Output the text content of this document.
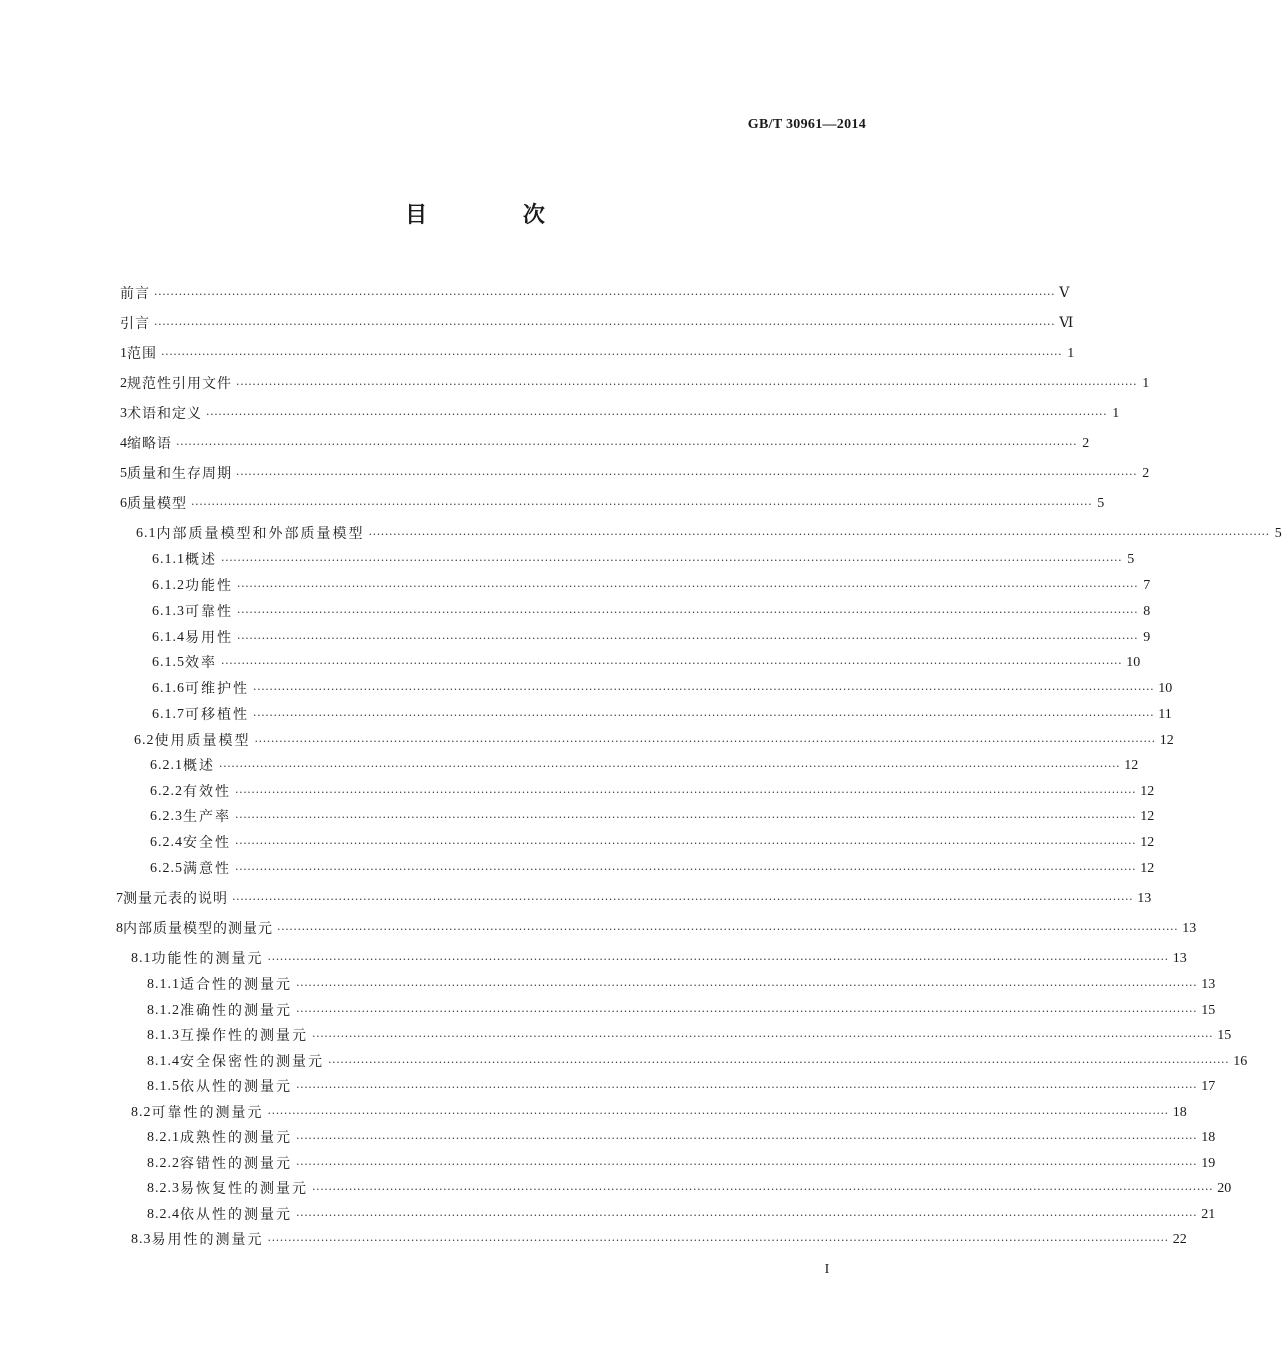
GB/T 30961—2014
目 次
前言 ···························································································································································································································· Ⅴ
引言 ···························································································································································································································· Ⅵ
1 范围 ···························································································································································································································· 1
2 规范性引用文件 ···························································································································································································································· 1
3 术语和定义 ···························································································································································································································· 1
4 缩略语 ···························································································································································································································· 2
5 质量和生存周期 ···························································································································································································································· 2
6 质量模型 ···························································································································································································································· 5
6.1 内部质量模型和外部质量模型 ···························································································································································································································· 5
6.1.1 概述 ···························································································································································································································· 5
6.1.2 功能性 ···························································································································································································································· 7
6.1.3 可靠性 ···························································································································································································································· 8
6.1.4 易用性 ···························································································································································································································· 9
6.1.5 效率 ···························································································································································································································· 10
6.1.6 可维护性 ···························································································································································································································· 10
6.1.7 可移植性 ···························································································································································································································· 11
6.2 使用质量模型 ···························································································································································································································· 12
6.2.1 概述 ···························································································································································································································· 12
6.2.2 有效性 ···························································································································································································································· 12
6.2.3 生产率 ···························································································································································································································· 12
6.2.4 安全性 ···························································································································································································································· 12
6.2.5 满意性 ···························································································································································································································· 12
7 测量元表的说明 ···························································································································································································································· 13
8 内部质量模型的测量元 ···························································································································································································································· 13
8.1 功能性的测量元 ···························································································································································································································· 13
8.1.1 适合性的测量元 ···························································································································································································································· 13
8.1.2 准确性的测量元 ···························································································································································································································· 15
8.1.3 互操作性的测量元 ···························································································································································································································· 15
8.1.4 安全保密性的测量元 ···························································································································································································································· 16
8.1.5 依从性的测量元 ···························································································································································································································· 17
8.2 可靠性的测量元 ···························································································································································································································· 18
8.2.1 成熟性的测量元 ···························································································································································································································· 18
8.2.2 容错性的测量元 ···························································································································································································································· 19
8.2.3 易恢复性的测量元 ···························································································································································································································· 20
8.2.4 依从性的测量元 ···························································································································································································································· 21
8.3 易用性的测量元 ···························································································································································································································· 22
I
